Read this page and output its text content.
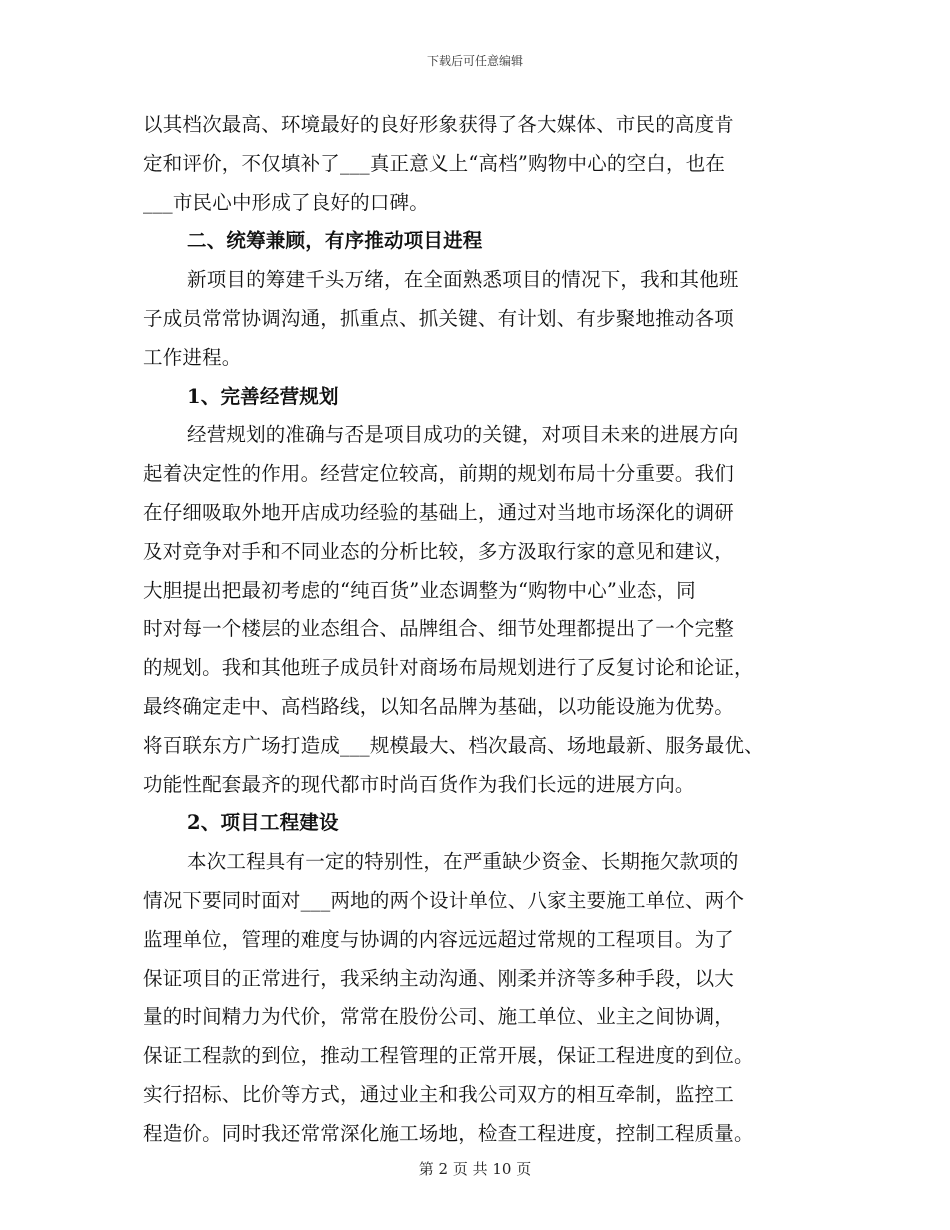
下载后可任意编辑
以其档次最高、环境最好的良好形象获得了各大媒体、市民的高度肯
定和评价，不仅填补了___真正意义上“高档”购物中心的空白，也在
___市民心中形成了良好的口碑。
二、统筹兼顾，有序推动项目进程
新项目的筹建千头万绪，在全面熟悉项目的情况下，我和其他班
子成员常常协调沟通，抓重点、抓关键、有计划、有步聚地推动各项
工作进程。
1、完善经营规划
经营规划的准确与否是项目成功的关键，对项目未来的进展方向
起着决定性的作用。经营定位较高，前期的规划布局十分重要。我们
在仔细吸取外地开店成功经验的基础上，通过对当地市场深化的调研
及对竞争对手和不同业态的分析比较，多方汲取行家的意见和建议，
大胆提出把最初考虑的“纯百货”业态调整为“购物中心”业态，同
时对每一个楼层的业态组合、品牌组合、细节处理都提出了一个完整
的规划。我和其他班子成员针对商场布局规划进行了反复讨论和论证，
最终确定走中、高档路线，以知名品牌为基础，以功能设施为优势。
将百联东方广场打造成___规模最大、档次最高、场地最新、服务最优、
功能性配套最齐的现代都市时尚百货作为我们长远的进展方向。
2、项目工程建设
本次工程具有一定的特别性，在严重缺少资金、长期拖欠款项的
情况下要同时面对___两地的两个设计单位、八家主要施工单位、两个
监理单位，管理的难度与协调的内容远远超过常规的工程项目。为了
保证项目的正常进行，我采纳主动沟通、刚柔并济等多种手段，以大
量的时间精力为代价，常常在股份公司、施工单位、业主之间协调，
保证工程款的到位，推动工程管理的正常开展，保证工程进度的到位。
实行招标、比价等方式，通过业主和我公司双方的相互牵制，监控工
程造价。同时我还常常深化施工场地，检查工程进度，控制工程质量。
第 2 页 共 10 页
